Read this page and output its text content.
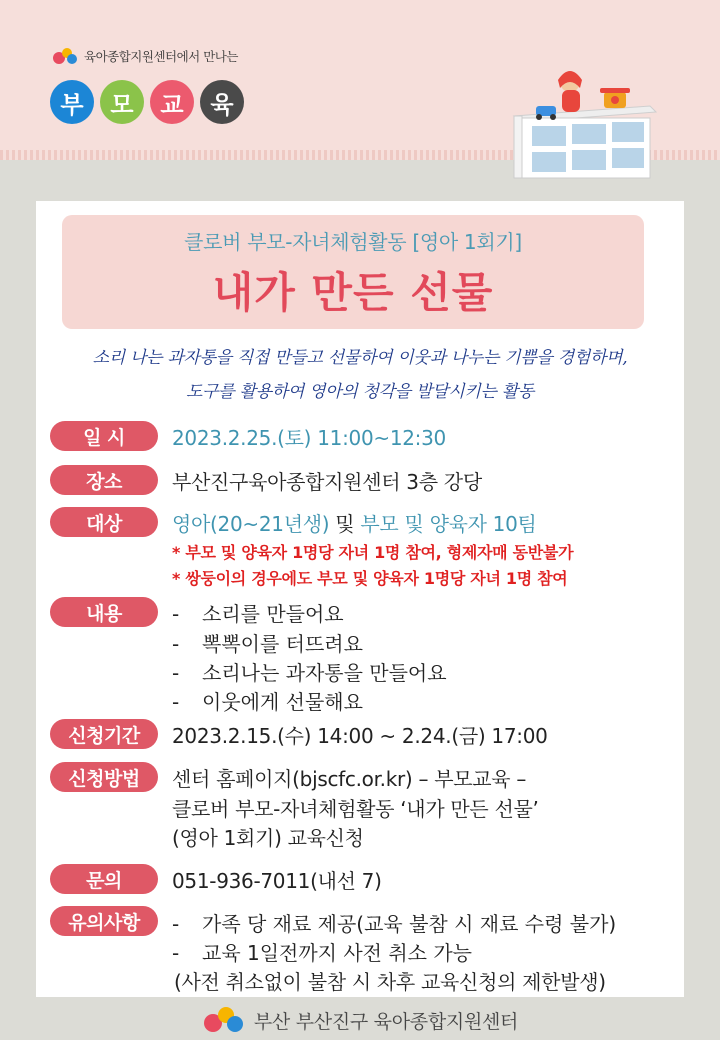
육아종합지원센터에서 만나는
부	모	교	육
클로버 부모-자녀체험활동 [영아 1회기]
내가 만든 선물
소리 나는 과자통을 직접 만들고 선물하여 이웃과 나누는 기쁨을 경험하며,
도구를 활용하여 영아의 청각을 발달시키는 활동
일 시	2023.2.25.(토) 11:00~12:30
장소	부산진구육아종합지원센터 3층 강당
대상	영아(20~21년생) 및 부모 및 양육자 10팀
* 부모 및 양육자 1명당 자녀 1명 참여, 형제자매 동반불가
* 쌍둥이의 경우에도 부모 및 양육자 1명당 자녀 1명 참여
내용	- 소리를 만들어요
- 뽁뽁이를 터뜨려요
- 소리나는 과자통을 만들어요
- 이웃에게 선물해요
신청기간	2023.2.15.(수) 14:00 ~ 2.24.(금) 17:00
신청방법	센터 홈페이지(bjscfc.or.kr) – 부모교육 –
클로버 부모-자녀체험활동 ‘내가 만든 선물’
(영아 1회기) 교육신청
문의	051-936-7011(내선 7)
유의사항	- 가족 당 재료 제공(교육 불참 시 재료 수령 불가)
- 교육 1일전까지 사전 취소 가능
(사전 취소없이 불참 시 차후 교육신청의 제한발생)
부산 부산진구 육아종합지원센터
